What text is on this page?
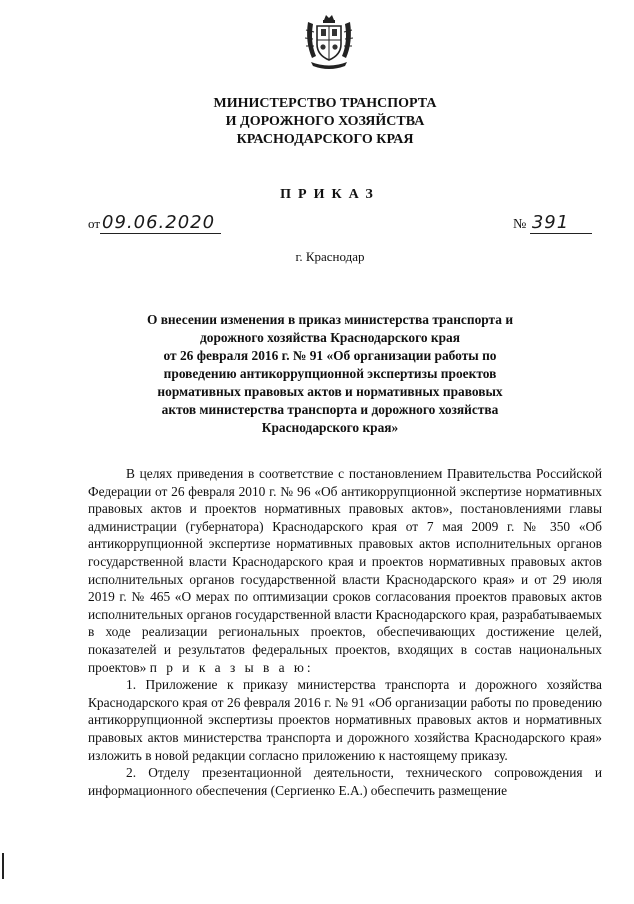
МИНИСТЕРСТВО ТРАНСПОРТА
И ДОРОЖНОГО ХОЗЯЙСТВА
КРАСНОДАРСКОГО КРАЯ
ПРИКАЗ
от 09.06.2020	№ 391
г. Краснодар
О внесении изменения в приказ министерства транспорта и
дорожного хозяйства Краснодарского края
от 26 февраля 2016 г. № 91 «Об организации работы по
проведению антикоррупционной экспертизы проектов
нормативных правовых актов и нормативных правовых
актов министерства транспорта и дорожного хозяйства
Краснодарского края»

В целях приведения в соответствие с постановлением Правительства Российской Федерации от 26 февраля 2010 г. № 96 «Об антикоррупционной экспертизе нормативных правовых актов и проектов нормативных правовых актов», постановлениями главы администрации (губернатора) Краснодарского края от 7 мая 2009 г. № 350 «Об антикоррупционной экспертизе нормативных правовых актов исполнительных органов государственной власти Краснодарского края и проектов нормативных правовых актов исполнительных органов государственной власти Краснодарского края» и от 29 июля 2019 г. № 465 «О мерах по оптимизации сроков согласования проектов правовых актов исполнительных органов государственной власти Краснодарского края, разрабатываемых в ходе реализации региональных проектов, обеспечивающих достижение целей, показателей и результатов федеральных проектов, входящих в состав национальных проектов» п р и к а з ы в а ю:

1. Приложение к приказу министерства транспорта и дорожного хозяйства Краснодарского края от 26 февраля 2016 г. № 91 «Об организации работы по проведению антикоррупционной экспертизы проектов нормативных правовых актов и нормативных правовых актов министерства транспорта и дорожного хозяйства Краснодарского края» изложить в новой редакции согласно приложению к настоящему приказу.

2. Отделу презентационной деятельности, технического сопровождения и информационного обеспечения (Сергиенко Е.А.) обеспечить размещение
